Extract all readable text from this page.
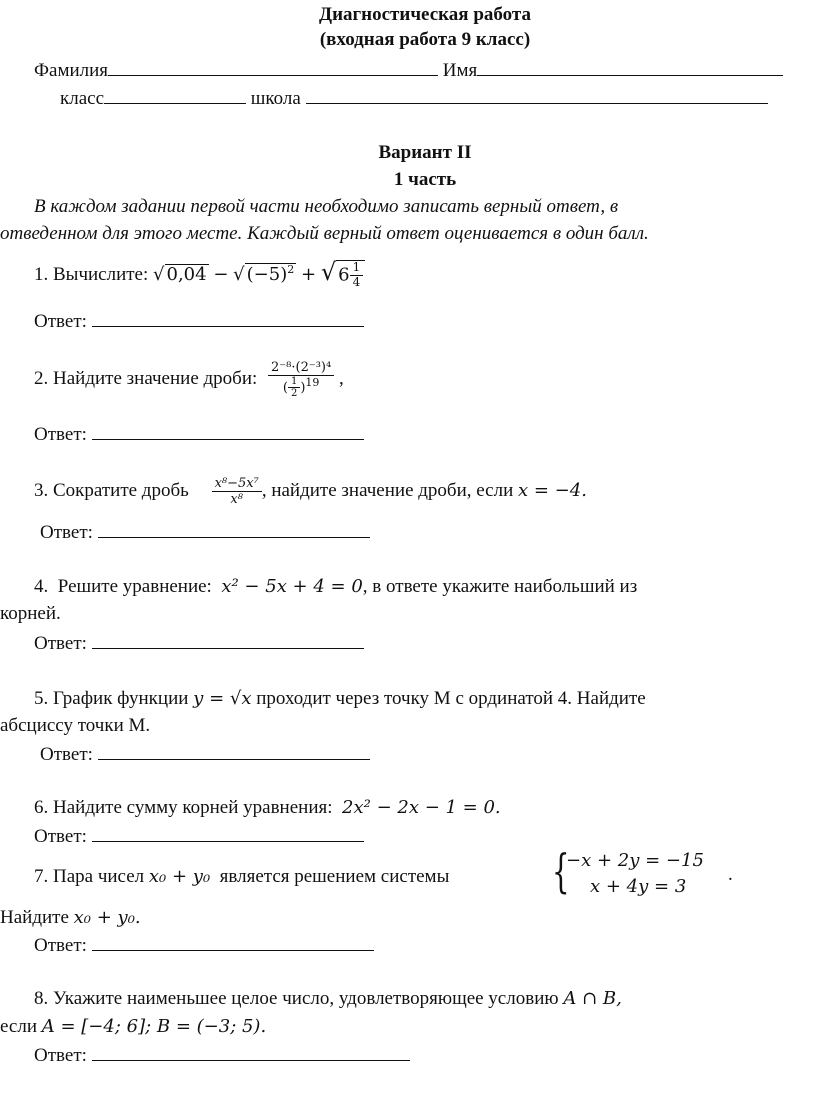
Диагностическая работа
(входная работа 9 класс)
Фамилия	Имя
класс	школа
Вариант II
1 часть
В каждом задании первой части необходимо записать верный ответ, в
отведенном для этого месте. Каждый верный ответ оценивается в один балл.
1. Вычислите: √ 0,04 − √ $(-5)^2$ + √ $6 \frac{1}{4}$
Ответ:
2. Найдите значение дроби: $\frac{\text{2⁻⁸·(2⁻³)⁴}}{( \frac{1}{2} )^{19}}$ ,
Ответ:
3. Сократите дробь $\frac{\text{x⁸−5x⁷}}{\text{x⁸}}$ , найдите значение дроби, если x = −4.
Ответ:
4. Решите уравнение: x² − 5x + 4 = 0, в ответе укажите наибольший из
корней.
Ответ:
5. График функции y = √x проходит через точку М с ординатой 4. Найдите
абсциссу точки М.
Ответ:
6. Найдите сумму корней уравнения: 2x² − 2x − 1 = 0.
Ответ:
7. Пара чисел x₀ + y₀ является решением системы {
−x + 2y = −15
x + 4y = 3
.
Найдите x₀ + y₀.
Ответ:
8. Укажите наименьшее целое число, удовлетворяющее условию A ∩ B,
если A = [−4; 6]; B = (−3; 5).
Ответ:
